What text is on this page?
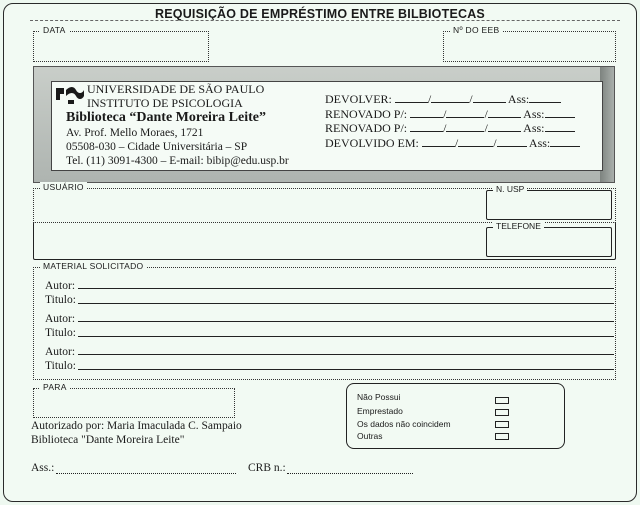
REQUISIÇÃO DE EMPRÉSTIMO ENTRE BILBIOTECAS
DATA	Nº DO EEB
UNIVERSIDADE DE SÃO PAULO
INSTITUTO DE PSICOLOGIA
Biblioteca “Dante Moreira Leite”
Av. Prof. Mello Moraes, 1721
05508-030 – Cidade Universitária – SP
Tel. (11) 3091-4300 – E-mail: bibip@edu.usp.br
DEVOLVER:	/	/	Ass:
RENOVADO P/:	/	/	Ass:
RENOVADO P/:	/	/	Ass:
DEVOLVIDO EM:	/	/	Ass:
USUÁRIO	N. USP
TELEFONE
MATERIAL SOLICITADO
Autor:
Titulo:
Autor:
Titulo:
Autor:
Titulo:
PARA
Não Possui
Emprestado
Os dados não coincidem
Outras
Autorizado por: Maria Imaculada C. Sampaio
Biblioteca "Dante Moreira Leite"
Ass.:	CRB n.:
